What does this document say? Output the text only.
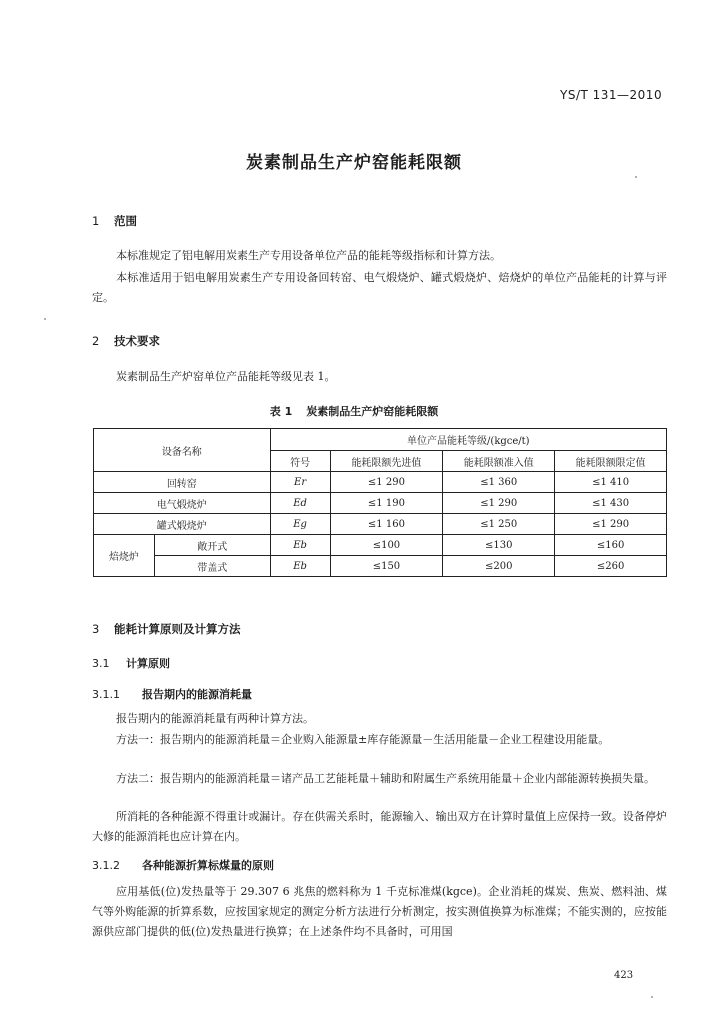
YS/T 131—2010
炭素制品生产炉窑能耗限额
1 范围
本标准规定了铝电解用炭素生产专用设备单位产品的能耗等级指标和计算方法。
本标准适用于铝电解用炭素生产专用设备回转窑、电气煅烧炉、罐式煅烧炉、焙烧炉的单位产品能耗的计算与评定。
2 技术要求
炭素制品生产炉窑单位产品能耗等级见表 1。
表 1 炭素制品生产炉窑能耗限额
设备名称		单位产品能耗等级/(kgce/t)			
		符号	能耗限额先进值	能耗限额准入值	能耗限额限定值
回转窑		Er	≤1 290	≤1 360	≤1 410
电气煅烧炉		Ed	≤1 190	≤1 290	≤1 430
罐式煅烧炉		Eg	≤1 160	≤1 250	≤1 290
焙烧炉	敞开式	Eb	≤100	≤130	≤160
	带盖式	Eb	≤150	≤200	≤260
3 能耗计算原则及计算方法
3.1 计算原则
3.1.1 报告期内的能源消耗量
报告期内的能源消耗量有两种计算方法。
方法一：报告期内的能源消耗量＝企业购入能源量±库存能源量－生活用能量－企业工程建设用能量。
方法二：报告期内的能源消耗量＝诸产品工艺能耗量＋辅助和附属生产系统用能量＋企业内部能源转换损失量。
所消耗的各种能源不得重计或漏计。存在供需关系时，能源输入、输出双方在计算时量值上应保持一致。设备停炉大修的能源消耗也应计算在内。
3.1.2 各种能源折算标煤量的原则
应用基低(位)发热量等于 29.307 6 兆焦的燃料称为 1 千克标准煤(kgce)。企业消耗的煤炭、焦炭、燃料油、煤气等外购能源的折算系数，应按国家规定的测定分析方法进行分析测定，按实测值换算为标准煤；不能实测的，应按能源供应部门提供的低(位)发热量进行换算；在上述条件均不具备时，可用国
423
